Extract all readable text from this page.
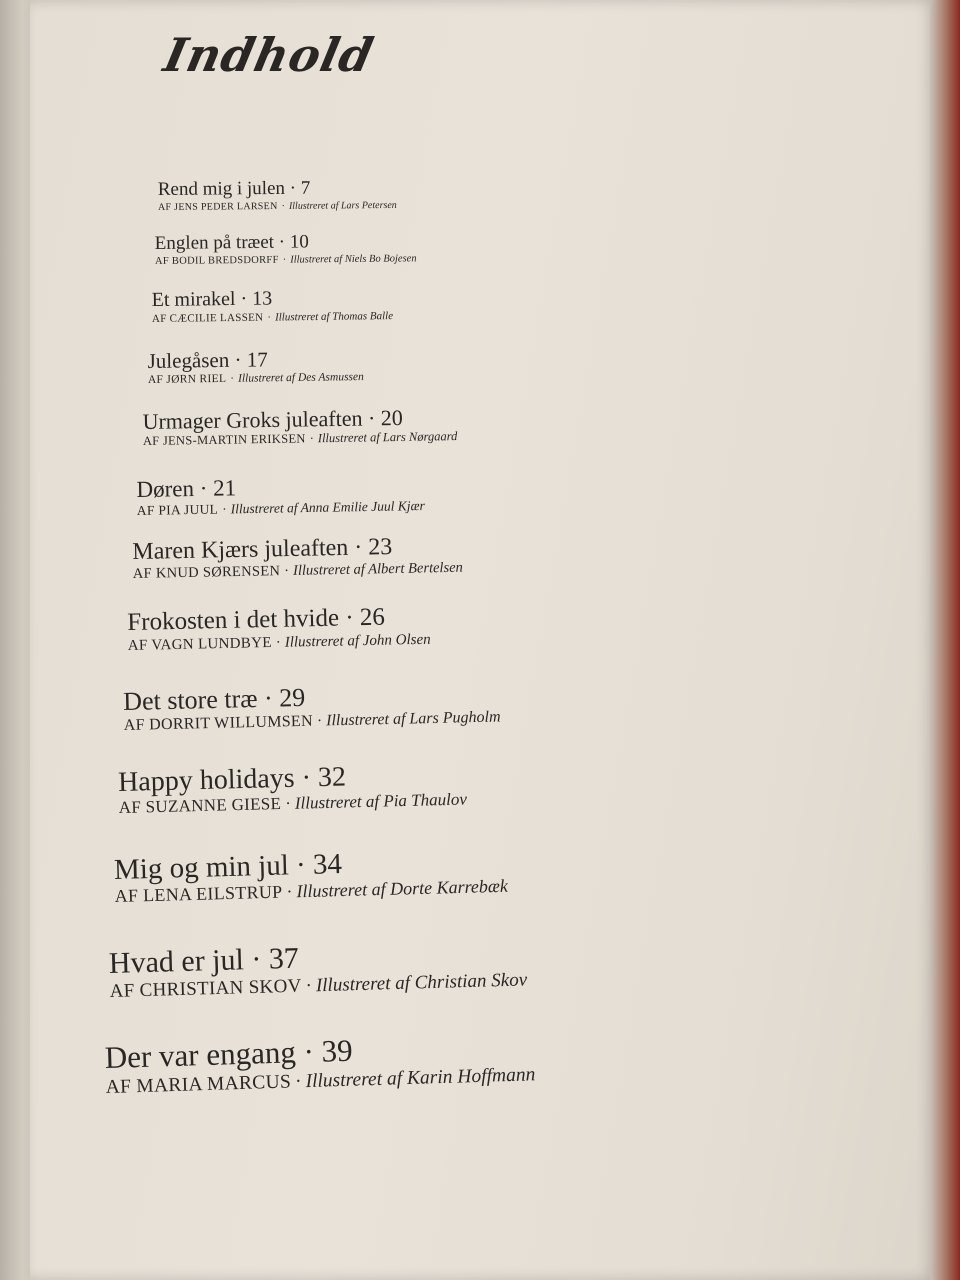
Indhold
Rend mig i julen · 7
AF JENS PEDER LARSEN · Illustreret af Lars Petersen
Englen på træet · 10
AF BODIL BREDSDORFF · Illustreret af Niels Bo Bojesen
Et mirakel · 13
AF CÆCILIE LASSEN · Illustreret af Thomas Balle
Julegåsen · 17
AF JØRN RIEL · Illustreret af Des Asmussen
Urmager Groks juleaften · 20
AF JENS-MARTIN ERIKSEN · Illustreret af Lars Nørgaard
Døren · 21
AF PIA JUUL · Illustreret af Anna Emilie Juul Kjær
Maren Kjærs juleaften · 23
AF KNUD SØRENSEN · Illustreret af Albert Bertelsen
Frokosten i det hvide · 26
AF VAGN LUNDBYE · Illustreret af John Olsen
Det store træ · 29
AF DORRIT WILLUMSEN · Illustreret af Lars Pugholm
Happy holidays · 32
AF SUZANNE GIESE · Illustreret af Pia Thaulov
Mig og min jul · 34
AF LENA EILSTRUP · Illustreret af Dorte Karrebæk
Hvad er jul · 37
AF CHRISTIAN SKOV · Illustreret af Christian Skov
Der var engang · 39
AF MARIA MARCUS · Illustreret af Karin Hoffmann
